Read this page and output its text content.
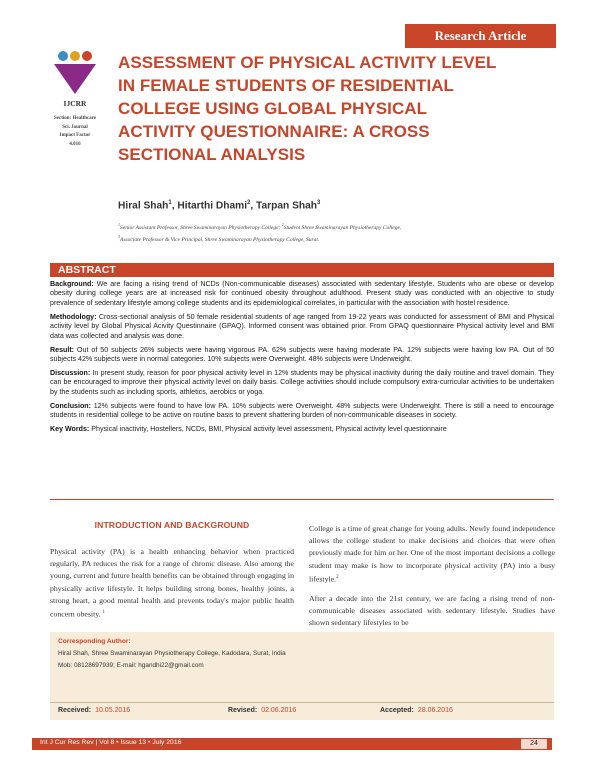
Research Article
IJCRR
Section: Healthcare
Sci. Journal
Impact Factor
4.016
ASSESSMENT OF PHYSICAL ACTIVITY LEVEL
IN FEMALE STUDENTS OF RESIDENTIAL
COLLEGE USING GLOBAL PHYSICAL
ACTIVITY QUESTIONNAIRE: A CROSS
SECTIONAL ANALYSIS
Hiral Shah$^1$, Hitarthi Dhami$^2$, Tarpan Shah$^3$
$^1$Senior Assistant Professor, Shree Swaminarayan Physiotherapy College; $^2$Student Shree Swaminarayan Physiotherapy College,
$^3$Associate Professor & Vice Principal, Shree Swaminarayan Physiotherapy College, Surat.
ABSTRACT

Background: We are facing a rising trend of NCDs (Non-communicable diseases) associated with sedentary lifestyle. Students who are obese or develop obesity during college years are at increased risk for continued obesity throughout adulthood. Present study was conducted with an objective to study prevalence of sedentary lifestyle among college students and its epidemiological correlates, in particular with the association with hostel residence.

Methodology: Cross-sectional analysis of 50 female residential students of age ranged from 19-22 years was conducted for assessment of BMI and Physical activity level by Global Physical Acivity Questinnaire (GPAQ). Informed consent was obtained prior. From GPAQ questionnaire Physical activity level and BMI data was collected and analysis was done.

Result: Out of 50 subjects 26% subjects were having vigorous PA. 62% subjects were having moderate PA. 12% subjects were having low PA. Out of 50 subjects 42% subjects were in normal categories. 10% subjects were Overweight. 48% subjects were Underweight.

Discussion: In present study, reason for poor physical activity level in 12% students may be physical inactivity during the daily routine and travel domain. They can be encouraged to improve their physical activity level on daily basis. College activities should include compulsory extra-curricular activities to be undertaken by the students such as including sports, athletics, aerobics or yoga.

Conclusion: 12% subjects were found to have low PA. 10% subjects were Overweight. 48% subjects were Underweight. There is still a need to encourage students in residential college to be active on routine basis to prevent shattering burden of non-communicable diseases in society.

Key Words: Physical inactivity, Hostellers, NCDs, BMI, Physical activity level assessment, Physical activity level questionnaire

INTRODUCTION AND BACKGROUND
Physical activity (PA) is a health enhancing behavior when practiced regularly, PA reduces the risk for a range of chronic disease. Also among the young, current and future health benefits can be obtained through engaging in physically active lifestyle. It helps building strong bones, healthy joints, a strong heart, a good mental health and prevents today's major public health concern obesity. $^1$
College is a time of great change for young adults. Newly found independence allows the college student to make decisions and choices that were often previously made for him or her. One of the most important decisions a college student may make is how to incorporate physical activity (PA) into a busy lifestyle.$^2$
After a decade into the 21st century, we are facing a rising trend of non-communicable diseases associated with sedentary lifestyle. Studies have shown sedentary lifestyles to be
Corresponding Author:
Hiral Shah, Shree Swaminarayan Physiotherapy College, Kadodara, Surat, India
Mob: 08128697939; E-mail: hgandhi22@gmail.com
Received: 10.05.2016	Revised: 02.06.2016	Accepted: 28.06.2016
Int J Cur Res Rev | Vol 8 • Issue 13 • July 2016	24
